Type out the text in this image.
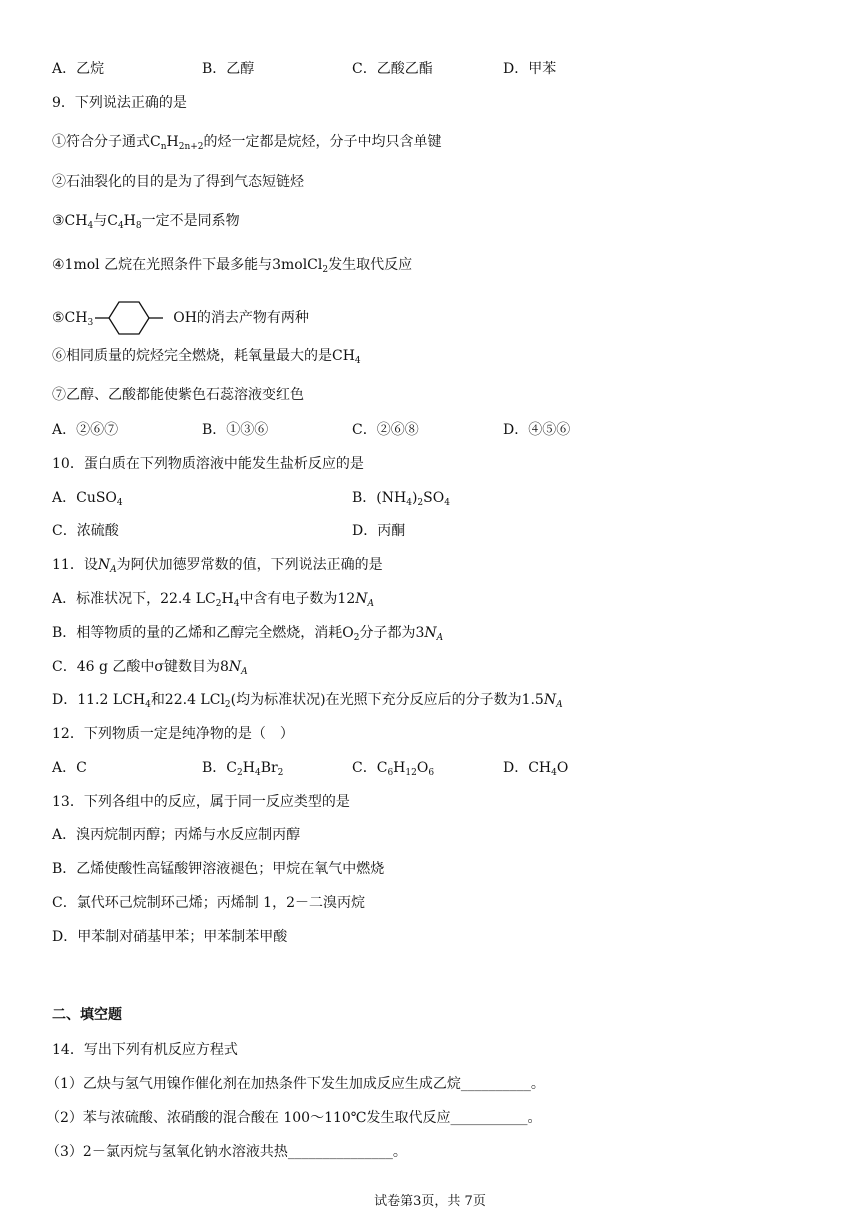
A．乙烷	B．乙醇	C．乙酸乙酯	D．甲苯
9．下列说法正确的是
①符合分子通式$C_nH_{2n+2}$的烃一定都是烷烃，分子中均只含单键
②石油裂化的目的是为了得到气态短链烃
$③CH_4$与$C_4H_8$一定不是同系物
④1mol 乙烷在光照条件下最多能与3molCl$_2$发生取代反应
$⑤CH_3$	OH的消去产物有两种
⑥相同质量的烷烃完全燃烧，耗氧量最大的是$CH_4$
⑦乙醇、乙酸都能使紫色石蕊溶液变红色
A．②⑥⑦	B．①③⑥	C．②⑥⑧	D．④⑤⑥
10．蛋白质在下列物质溶液中能发生盐析反应的是
A．CuSO$_4$	B．$(NH_4)_2SO_4$
C．浓硫酸	D．丙酮
11．设$N_A$为阿伏加德罗常数的值，下列说法正确的是
A．标准状况下，22.4 $LC_2H_4$中含有电子数为$12N_A$
B．相等物质的量的乙烯和乙醇完全燃烧，消耗$O_2$分子都为$3N_A$
C．46 g 乙酸中σ键数目为$8N_A$
D．11.2 $LCH_4$和22.4 LCl$_2$(均为标准状况)在光照下充分反应后的分子数为$1.5N_A$
12．下列物质一定是纯净物的是（　）
A．C	B．$C_2H_4Br_2$	C．$C_6H_{12}O_6$	D．$CH_4O$
13．下列各组中的反应，属于同一反应类型的是
A．溴丙烷制丙醇；丙烯与水反应制丙醇
B．乙烯使酸性高锰酸钾溶液褪色；甲烷在氧气中燃烧
C．氯代环己烷制环己烯；丙烯制 1，2－二溴丙烷
D．甲苯制对硝基甲苯；甲苯制苯甲酸
二、填空题
14．写出下列有机反应方程式
（1）乙炔与氢气用镍作催化剂在加热条件下发生加成反应生成乙烷__________。
（2）苯与浓硫酸、浓硝酸的混合酸在 100～110℃发生取代反应___________。
（3）2－氯丙烷与氢氧化钠水溶液共热_______________。
试卷第3页，共 7页
